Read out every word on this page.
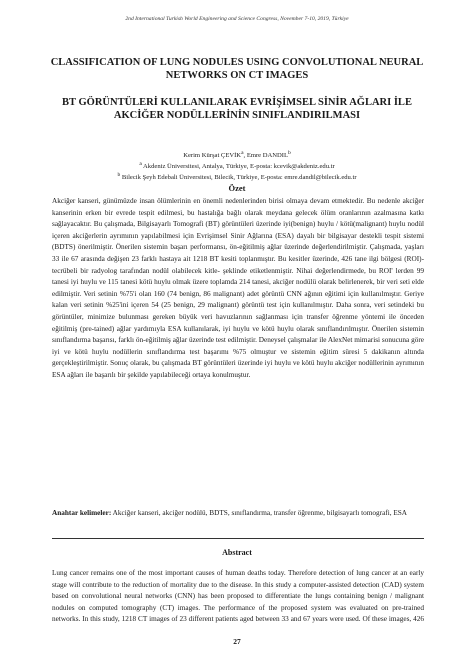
2nd International Turkish World Engineering and Science Congress, November 7-10, 2019, Türkiye
CLASSIFICATION OF LUNG NODULES USING CONVOLUTIONAL NEURAL NETWORKS ON CT IMAGES
BT GÖRÜNTÜLERİ KULLANILARAK EVRİŞİMSEL SİNİR AĞLARI İLE AKCİĞER NODÜLLERİNİN SINIFLANDIRILMASI
Kerim Kürşat ÇEVİK$^a$, Emre DANDIL$^b$
$^a$ Akdeniz Üniversitesi, Antalya, Türkiye, E-posta: kcevik@akdeniz.edu.tr
$^b$ Bilecik Şeyh Edebali Üniversitesi, Bilecik, Türkiye, E-posta: emre.dandil@bilecik.edu.tr
Özet

Akciğer kanseri, günümüzde insan ölümlerinin en önemli nedenlerinden birisi olmaya devam etmektedir. Bu nedenle akciğer kanserinin erken bir evrede tespit edilmesi, bu hastalığa bağlı olarak meydana gelecek ölüm oranlarının azalmasına katkı sağlayacaktır. Bu çalışmada, Bilgisayarlı Tomografi (BT) görüntüleri üzerinde iyi(benign) huylu / kötü(malignant) huylu nodül içeren akciğerlerin ayrımının yapılabilmesi için Evrişimsel Sinir Ağlarına (ESA) dayalı bir bilgisayar destekli tespit sistemi (BDTS) önerilmiştir. Önerilen sistemin başarı performansı, ön-eğitilmiş ağlar üzerinde değerlendirilmiştir. Çalışmada, yaşları 33 ile 67 arasında değişen 23 farklı hastaya ait 1218 BT kesiti toplanmıştır. Bu kesitler üzerinde, 426 tane ilgi bölgesi (ROI)- tecrübeli bir radyolog tarafından nodül olabilecek kitle- şeklinde etiketlenmiştir. Nihai değerlendirmede, bu ROI' lerden 99 tanesi iyi huylu ve 115 tanesi kötü huylu olmak üzere toplamda 214 tanesi, akciğer nodülü olarak belirlenerek, bir veri seti elde edilmiştir. Veri setinin %75'i olan 160 (74 benign, 86 malignant) adet görüntü CNN ağının eğitimi için kullanılmıştır. Geriye kalan veri setinin %25'ini içeren 54 (25 benign, 29 malignant) görüntü test için kullanılmıştır. Daha sonra, veri setindeki bu görüntüler, minimize bulunması gereken büyük veri havuzlarının sağlanması için transfer öğrenme yöntemi ile önceden eğitilmiş (pre-tained) ağlar yardımıyla ESA kullanılarak, iyi huylu ve kötü huylu olarak sınıflandırılmıştır. Önerilen sistemin sınıflandırma başarısı, farklı ön-eğitilmiş ağlar üzerinde test edilmiştir. Deneysel çalışmalar ile AlexNet mimarisi sonucuna göre iyi ve kötü huylu nodüllerin sınıflandırma test başarımı %75 olmuştur ve sistemin eğitim süresi 5 dakikanın altında gerçekleştirilmiştir. Sonuç olarak, bu çalışmada BT görüntüleri üzerinde iyi huylu ve kötü huylu akciğer nodüllerinin ayrımının ESA ağları ile başarılı bir şekilde yapılabileceği ortaya konulmuştur.

Anahtar kelimeler: Akciğer kanseri, akciğer nodülü, BDTS, sınıflandırma, transfer öğrenme, bilgisayarlı tomografi, ESA
Abstract

Lung cancer remains one of the most important causes of human deaths today. Therefore detection of lung cancer at an early stage will contribute to the reduction of mortality due to the disease. In this study a computer-assisted detection (CAD) system based on convolutional neural networks (CNN) has been proposed to differentiate the lungs containing benign / malignant nodules on computed tomography (CT) images. The performance of the proposed system was evaluated on pre-trained networks. In this study, 1218 CT images of 23 different patients aged between 33 and 67 years were used. Of these images, 426

27
